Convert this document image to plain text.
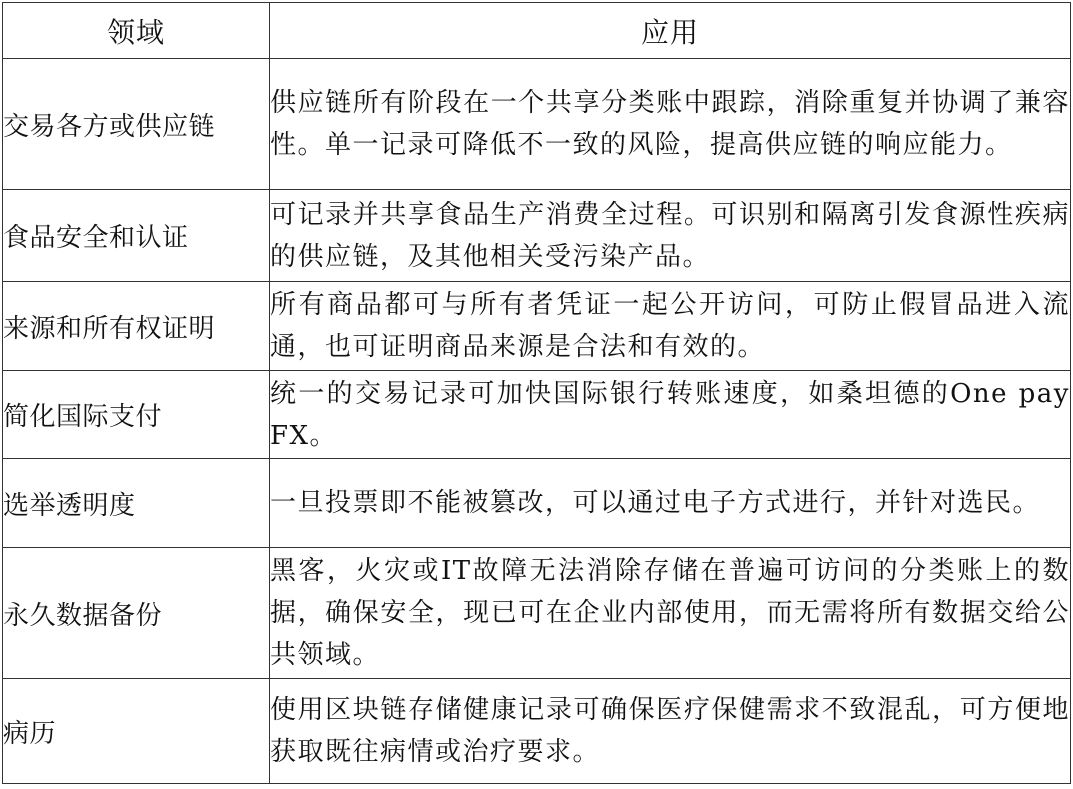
领域	应用
交易各方或供应链	供应链所有阶段在一个共享分类账中跟踪，消除重复并协调了兼容性。单一记录可降低不一致的风险，提高供应链的响应能力。
食品安全和认证	可记录并共享食品生产消费全过程。可识别和隔离引发食源性疾病的供应链，及其他相关受污染产品。
来源和所有权证明	所有商品都可与所有者凭证一起公开访问，可防止假冒品进入流通，也可证明商品来源是合法和有效的。
简化国际支付	统一的交易记录可加快国际银行转账速度，如桑坦德的One pay FX。
选举透明度	一旦投票即不能被篡改，可以通过电子方式进行，并针对选民。
永久数据备份	黑客，火灾或IT故障无法消除存储在普遍可访问的分类账上的数据，确保安全，现已可在企业内部使用，而无需将所有数据交给公共领域。
病历	使用区块链存储健康记录可确保医疗保健需求不致混乱，可方便地获取既往病情或治疗要求。
